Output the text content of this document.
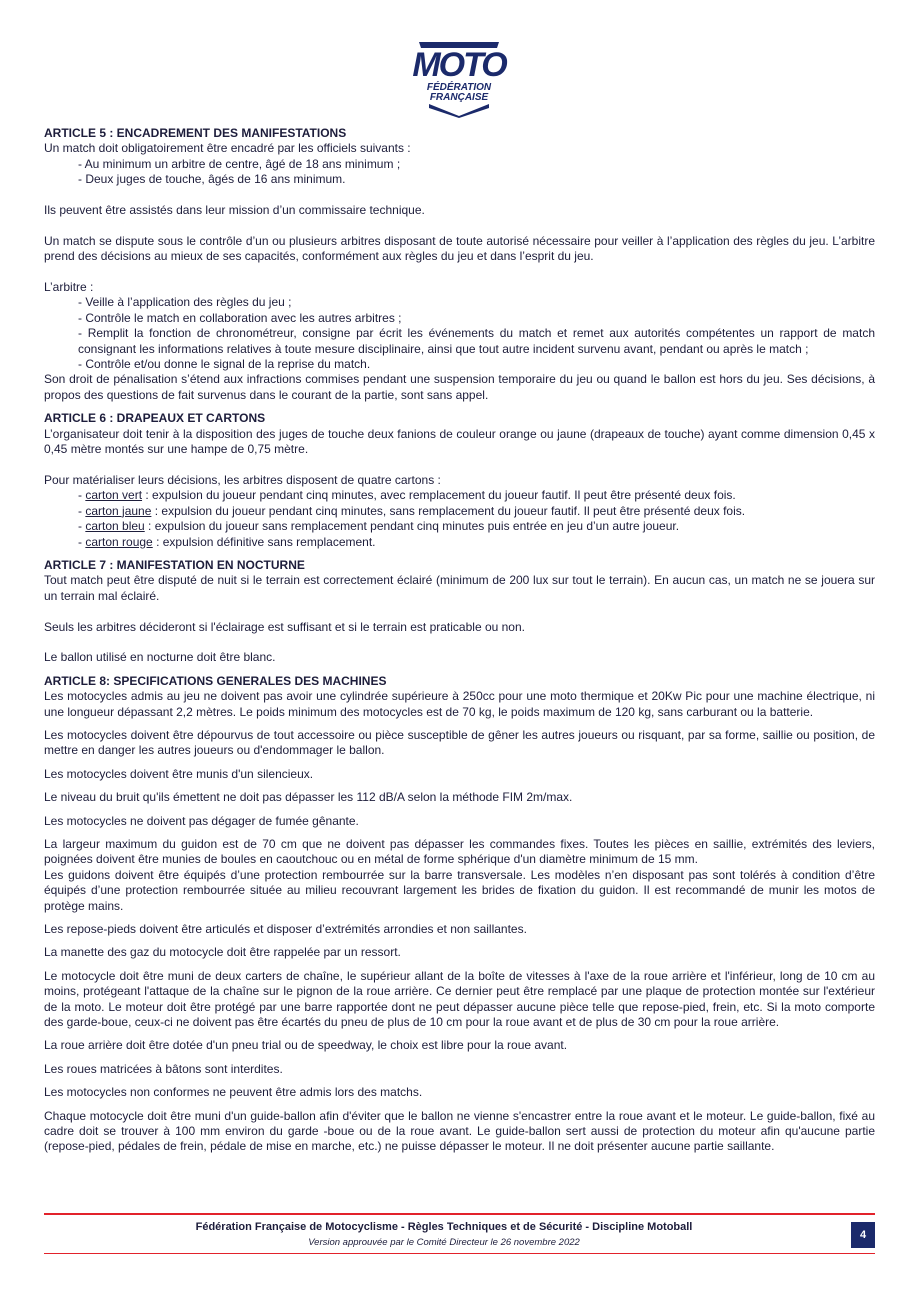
MOTO
FÉDÉRATION
FRANÇAISE

ARTICLE 5 : ENCADREMENT DES MANIFESTATIONS

Un match doit obligatoirement être encadré par les officiels suivants :

- Au minimum un arbitre de centre, âgé de 18 ans minimum ;

- Deux juges de touche, âgés de 16 ans minimum.

Ils peuvent être assistés dans leur mission d’un commissaire technique.

Un match se dispute sous le contrôle d’un ou plusieurs arbitres disposant de toute autorisé nécessaire pour veiller à l’application des règles du jeu. L’arbitre prend des décisions au mieux de ses capacités, conformément aux règles du jeu et dans l’esprit du jeu.

L’arbitre :

- Veille à l’application des règles du jeu ;

- Contrôle le match en collaboration avec les autres arbitres ;

- Remplit la fonction de chronométreur, consigne par écrit les événements du match et remet aux autorités compétentes un rapport de match consignant les informations relatives à toute mesure disciplinaire, ainsi que tout autre incident survenu avant, pendant ou après le match ;

- Contrôle et/ou donne le signal de la reprise du match.

Son droit de pénalisation s’étend aux infractions commises pendant une suspension temporaire du jeu ou quand le ballon est hors du jeu. Ses décisions, à propos des questions de fait survenus dans le courant de la partie, sont sans appel.

ARTICLE 6 : DRAPEAUX ET CARTONS

L’organisateur doit tenir à la disposition des juges de touche deux fanions de couleur orange ou jaune (drapeaux de touche) ayant comme dimension 0,45 x 0,45 mètre montés sur une hampe de 0,75 mètre.

Pour matérialiser leurs décisions, les arbitres disposent de quatre cartons :

- carton vert : expulsion du joueur pendant cinq minutes, avec remplacement du joueur fautif. Il peut être présenté deux fois.

- carton jaune : expulsion du joueur pendant cinq minutes, sans remplacement du joueur fautif. Il peut être présenté deux fois.

- carton bleu : expulsion du joueur sans remplacement pendant cinq minutes puis entrée en jeu d’un autre joueur.

- carton rouge : expulsion définitive sans remplacement.

ARTICLE 7 : MANIFESTATION EN NOCTURNE

Tout match peut être disputé de nuit si le terrain est correctement éclairé (minimum de 200 lux sur tout le terrain). En aucun cas, un match ne se jouera sur un terrain mal éclairé.

Seuls les arbitres décideront si l'éclairage est suffisant et si le terrain est praticable ou non.

Le ballon utilisé en nocturne doit être blanc.

ARTICLE 8: SPECIFICATIONS GENERALES DES MACHINES

Les motocycles admis au jeu ne doivent pas avoir une cylindrée supérieure à 250cc pour une moto thermique et 20Kw Pic pour une machine électrique, ni une longueur dépassant 2,2 mètres. Le poids minimum des motocycles est de 70 kg, le poids maximum de 120 kg, sans carburant ou la batterie.

Les motocycles doivent être dépourvus de tout accessoire ou pièce susceptible de gêner les autres joueurs ou risquant, par sa forme, saillie ou position, de mettre en danger les autres joueurs ou d'endommager le ballon.

Les motocycles doivent être munis d'un silencieux.

Le niveau du bruit qu'ils émettent ne doit pas dépasser les 112 dB/A selon la méthode FIM 2m/max.

Les motocycles ne doivent pas dégager de fumée gênante.

La largeur maximum du guidon est de 70 cm que ne doivent pas dépasser les commandes fixes. Toutes les pièces en saillie, extrémités des leviers, poignées doivent être munies de boules en caoutchouc ou en métal de forme sphérique d'un diamètre minimum de 15 mm.

Les guidons doivent être équipés d’une protection rembourrée sur la barre transversale. Les modèles n’en disposant pas sont tolérés à condition d’être équipés d’une protection rembourrée située au milieu recouvrant largement les brides de fixation du guidon. Il est recommandé de munir les motos de protège mains.

Les repose-pieds doivent être articulés et disposer d’extrémités arrondies et non saillantes.

La manette des gaz du motocycle doit être rappelée par un ressort.

Le motocycle doit être muni de deux carters de chaîne, le supérieur allant de la boîte de vitesses à l'axe de la roue arrière et l'inférieur, long de 10 cm au moins, protégeant l'attaque de la chaîne sur le pignon de la roue arrière. Ce dernier peut être remplacé par une plaque de protection montée sur l'extérieur de la moto. Le moteur doit être protégé par une barre rapportée dont ne peut dépasser aucune pièce telle que repose-pied, frein, etc. Si la moto comporte des garde-boue, ceux-ci ne doivent pas être écartés du pneu de plus de 10 cm pour la roue avant et de plus de 30 cm pour la roue arrière.

La roue arrière doit être dotée d'un pneu trial ou de speedway, le choix est libre pour la roue avant.

Les roues matricées à bâtons sont interdites.

Les motocycles non conformes ne peuvent être admis lors des matchs.

Chaque motocycle doit être muni d'un guide-ballon afin d'éviter que le ballon ne vienne s'encastrer entre la roue avant et le moteur. Le guide-ballon, fixé au cadre doit se trouver à 100 mm environ du garde -boue ou de la roue avant. Le guide-ballon sert aussi de protection du moteur afin qu'aucune partie (repose-pied, pédales de frein, pédale de mise en marche, etc.) ne puisse dépasser le moteur. Il ne doit présenter aucune partie saillante.

Fédération Française de Motocyclisme - Règles Techniques et de Sécurité - Discipline Motoball
Version approuvée par le Comité Directeur le 26 novembre 2022
4
